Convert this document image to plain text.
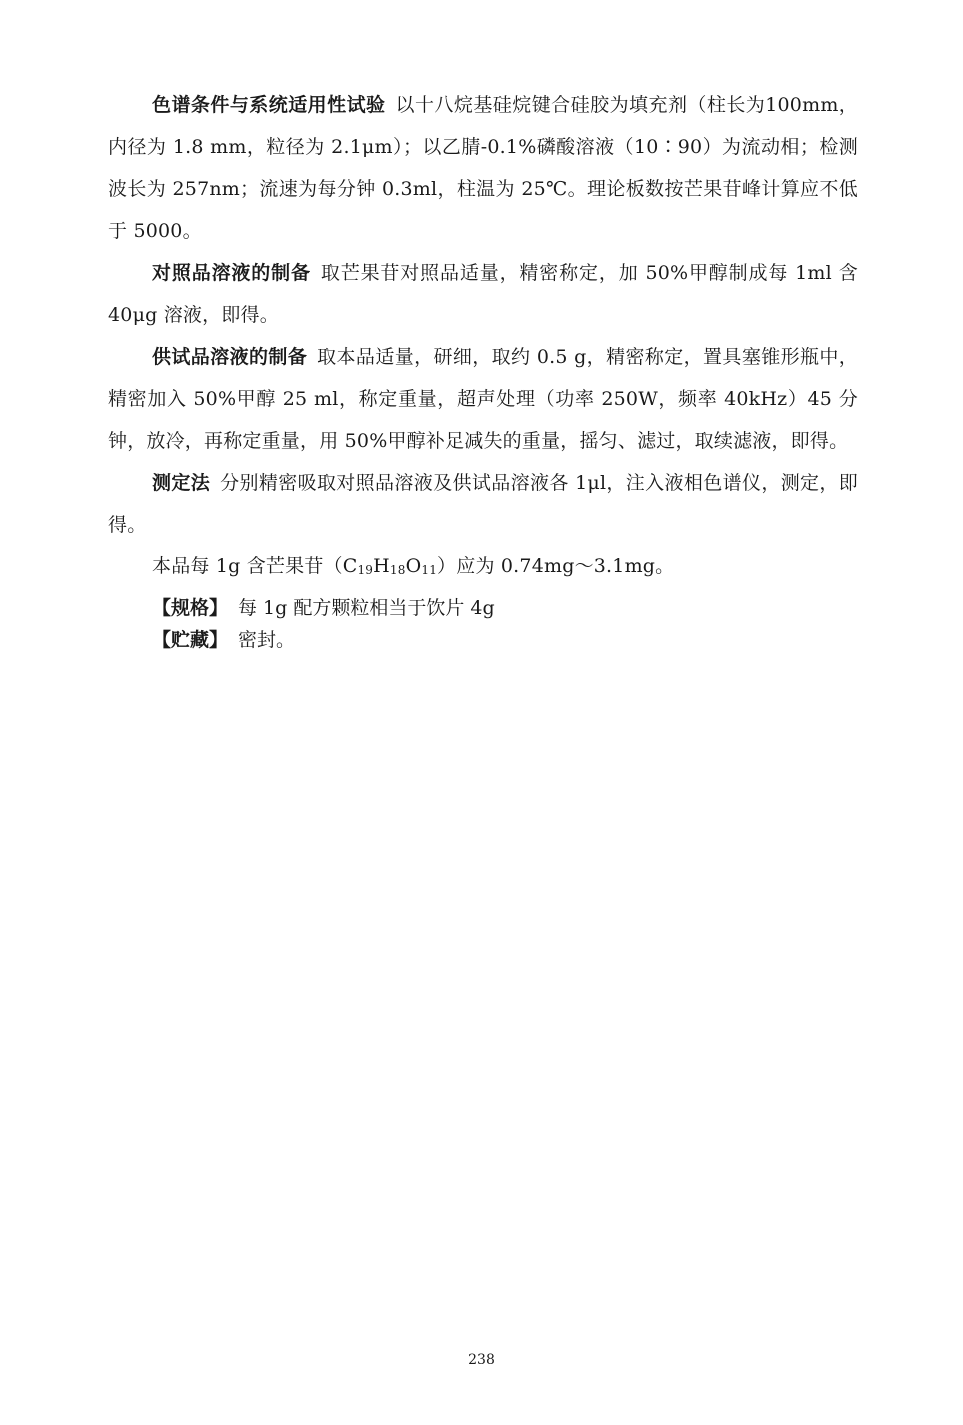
色谱条件与系统适用性试验 以十八烷基硅烷键合硅胶为填充剂（柱长为100mm，内径为 1.8 mm，粒径为 2.1μm）；以乙腈-0.1%磷酸溶液（10∶90）为流动相；检测波长为 257nm；流速为每分钟 0.3ml，柱温为 25℃。理论板数按芒果苷峰计算应不低于 5000。

对照品溶液的制备 取芒果苷对照品适量，精密称定，加 50%甲醇制成每 1ml 含 40μg 溶液，即得。

供试品溶液的制备 取本品适量，研细，取约 0.5 g，精密称定，置具塞锥形瓶中，精密加入 50%甲醇 25 ml，称定重量，超声处理（功率 250W，频率 40kHz）45 分钟，放冷，再称定重量，用 50%甲醇补足减失的重量，摇匀、滤过，取续滤液，即得。

测定法 分别精密吸取对照品溶液及供试品溶液各 1μl，注入液相色谱仪，测定，即得。

本品每 1g 含芒果苷$(C_{19}H_{18}O_{11})$应为 0.74mg～3.1mg。

【规格】 每 1g 配方颗粒相当于饮片 4g

【贮藏】 密封。

238
